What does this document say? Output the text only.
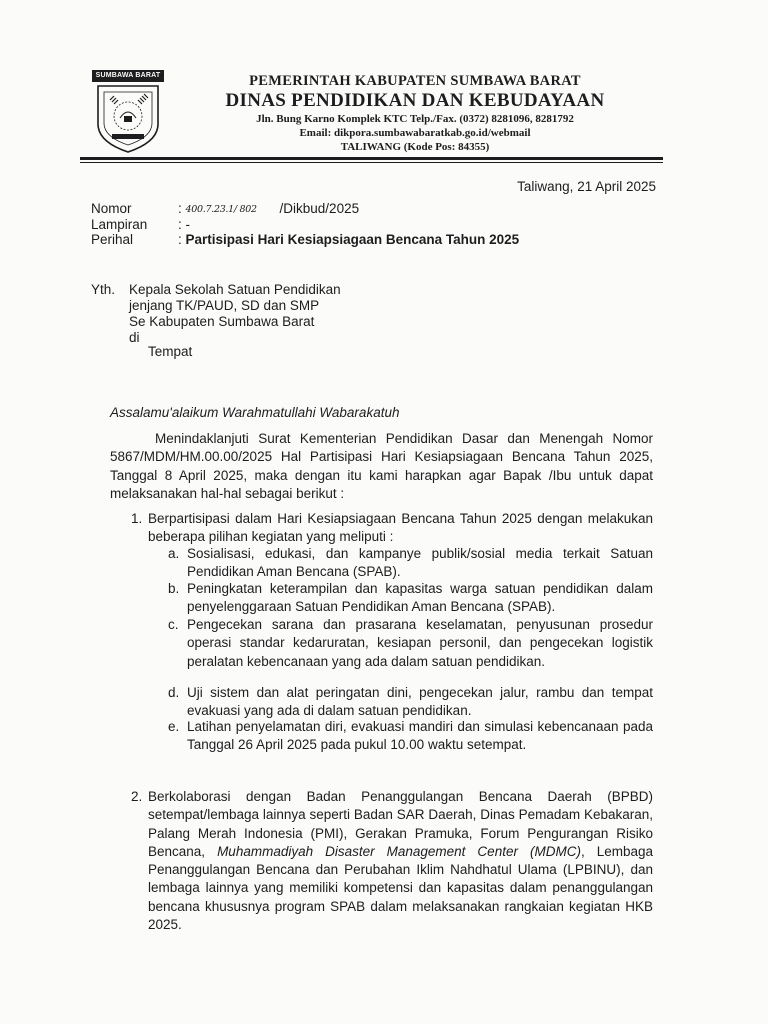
SUMBAWA BARAT	PEMERINTAH KABUPATEN SUMBAWA BARAT
DINAS PENDIDIKAN DAN KEBUDAYAAN
Jln. Bung Karno Komplek KTC Telp./Fax. (0372) 8281096, 8281792
Email: dikpora.sumbawabaratkab.go.id/webmail
TALIWANG (Kode Pos: 84355)
Taliwang, 21 April 2025
Nomor	: 400.7.23.1/ 802 /Dikbud/2025
Lampiran : -
Perihal	: Partisipasi Hari Kesiapsiagaan Bencana Tahun 2025
Yth. Kepala Sekolah Satuan Pendidikan
jenjang TK/PAUD, SD dan SMP
Se Kabupaten Sumbawa Barat
di
Tempat
Assalamu'alaikum Warahmatullahi Wabarakatuh
Menindaklanjuti Surat Kementerian Pendidikan Dasar dan Menengah Nomor 5867/MDM/HM.00.00/2025 Hal Partisipasi Hari Kesiapsiagaan Bencana Tahun 2025, Tanggal 8 April 2025, maka dengan itu kami harapkan agar Bapak /Ibu untuk dapat melaksanakan hal-hal sebagai berikut :
1. Berpartisipasi dalam Hari Kesiapsiagaan Bencana Tahun 2025 dengan melakukan beberapa pilihan kegiatan yang meliputi :
a. Sosialisasi, edukasi, dan kampanye publik/sosial media terkait Satuan Pendidikan Aman Bencana (SPAB).
b. Peningkatan keterampilan dan kapasitas warga satuan pendidikan dalam penyelenggaraan Satuan Pendidikan Aman Bencana (SPAB).
c. Pengecekan sarana dan prasarana keselamatan, penyusunan prosedur operasi standar kedaruratan, kesiapan personil, dan pengecekan logistik peralatan kebencanaan yang ada dalam satuan pendidikan.
d. Uji sistem dan alat peringatan dini, pengecekan jalur, rambu dan tempat evakuasi yang ada di dalam satuan pendidikan.
e. Latihan penyelamatan diri, evakuasi mandiri dan simulasi kebencanaan pada Tanggal 26 April 2025 pada pukul 10.00 waktu setempat.
2. Berkolaborasi dengan Badan Penanggulangan Bencana Daerah (BPBD) setempat/lembaga lainnya seperti Badan SAR Daerah, Dinas Pemadam Kebakaran, Palang Merah Indonesia (PMI), Gerakan Pramuka, Forum Pengurangan Risiko Bencana, Muhammadiyah Disaster Management Center (MDMC), Lembaga Penanggulangan Bencana dan Perubahan Iklim Nahdhatul Ulama (LPBINU), dan lembaga lainnya yang memiliki kompetensi dan kapasitas dalam penanggulangan bencana khususnya program SPAB dalam melaksanakan rangkaian kegiatan HKB 2025.
